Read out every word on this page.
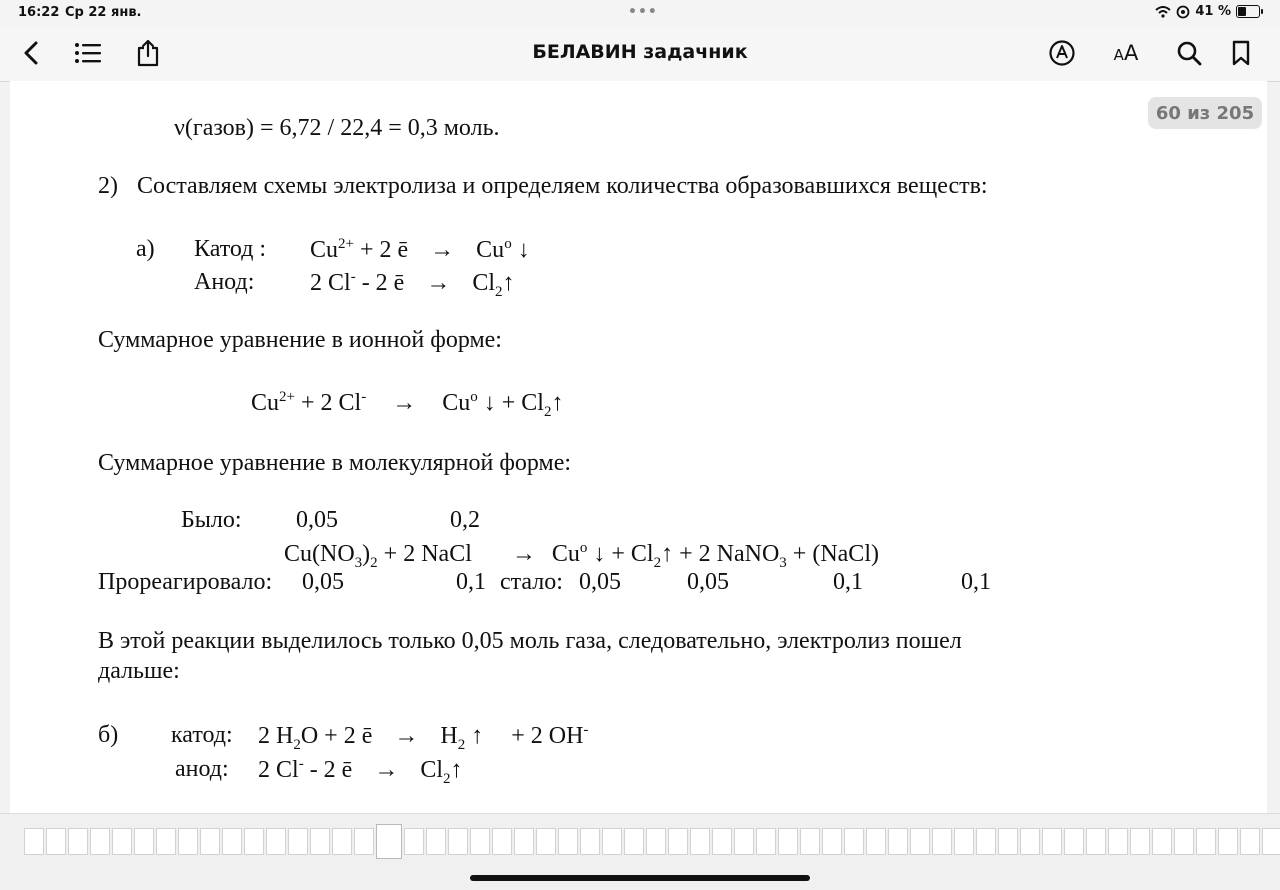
16:22 Ср 22 янв.	•••	41 %
БЕЛАВИН задачник	AA
ν(газов) = 6,72 / 22,4 = 0,3 моль.
2) Составляем схемы электролиза и определяем количества образовавшихся веществ:
а) Катод : $Cu^{2+} + 2$ ē → $Cu^o$ ↓
Анод: 2 Cl- - 2 ē → $Cl_2↑$
Суммарное уравнение в ионной форме:
$Cu^{2+} + 2$ $Cl^- \to Cu^o$ ↓ + $Cl_2↑$
Суммарное уравнение в молекулярной форме:
Было: 0,05	0,2
$Cu(NO_3)_2 + 2$ NaCl → $Cu^o$ ↓ + $Cl_2↑ + 2$ NaNO$_3$ + (NaCl)
Прореагировало: 0,05	0,1 стало: 0,05	0,05	0,1	0,1
В этой реакции выделилось только 0,05 моль газа, следовательно, электролиз пошел
дальше:
б) катод: 2 $H_2O + 2$ ē → $H_2$ ↑ + 2 OH-
анод: 2 Cl- - 2 ē → $Cl_2↑$
60 из 205
